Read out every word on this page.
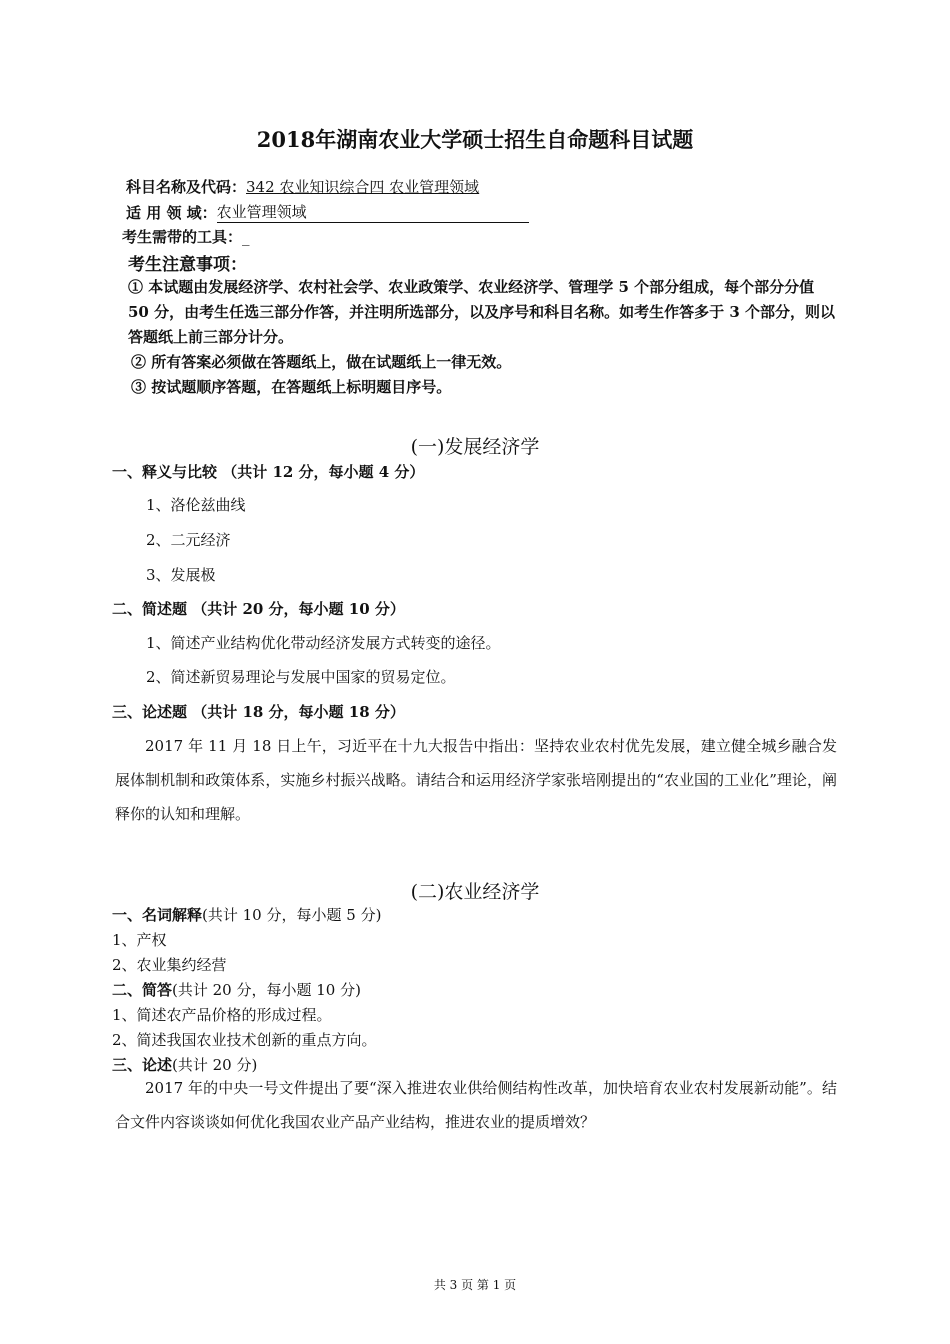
2018年湖南农业大学硕士招生自命题科目试题
科目名称及代码：342 农业知识综合四 农业管理领域
适 用 领 域：农业管理领域
考生需带的工具：_
考生注意事项：
① 本试题由发展经济学、农村社会学、农业政策学、农业经济学、管理学 5 个部分组成，每个部分分值 50 分，由考生任选三部分作答，并注明所选部分，以及序号和科目名称。如考生作答多于 3 个部分，则以答题纸上前三部分计分。
② 所有答案必须做在答题纸上，做在试题纸上一律无效。
③ 按试题顺序答题，在答题纸上标明题目序号。
(一)发展经济学
一、释义与比较 （共计 12 分，每小题 4 分）
1、洛伦兹曲线
2、二元经济
3、发展极
二、简述题 （共计 20 分，每小题 10 分）
1、简述产业结构优化带动经济发展方式转变的途径。
2、简述新贸易理论与发展中国家的贸易定位。
三、论述题 （共计 18 分，每小题 18 分）
2017 年 11 月 18 日上午，习近平在十九大报告中指出：坚持农业农村优先发展，建立健全城乡融合发展体制机制和政策体系，实施乡村振兴战略。请结合和运用经济学家张培刚提出的“农业国的工业化”理论，阐释你的认知和理解。
(二)农业经济学
一、名词解释(共计 10 分，每小题 5 分)
1、产权
2、农业集约经营
二、简答(共计 20 分，每小题 10 分)
1、简述农产品价格的形成过程。
2、简述我国农业技术创新的重点方向。
三、论述(共计 20 分)
2017 年的中央一号文件提出了要“深入推进农业供给侧结构性改革，加快培育农业农村发展新动能”。结合文件内容谈谈如何优化我国农业产品产业结构，推进农业的提质增效？
共 3 页 第 1 页
